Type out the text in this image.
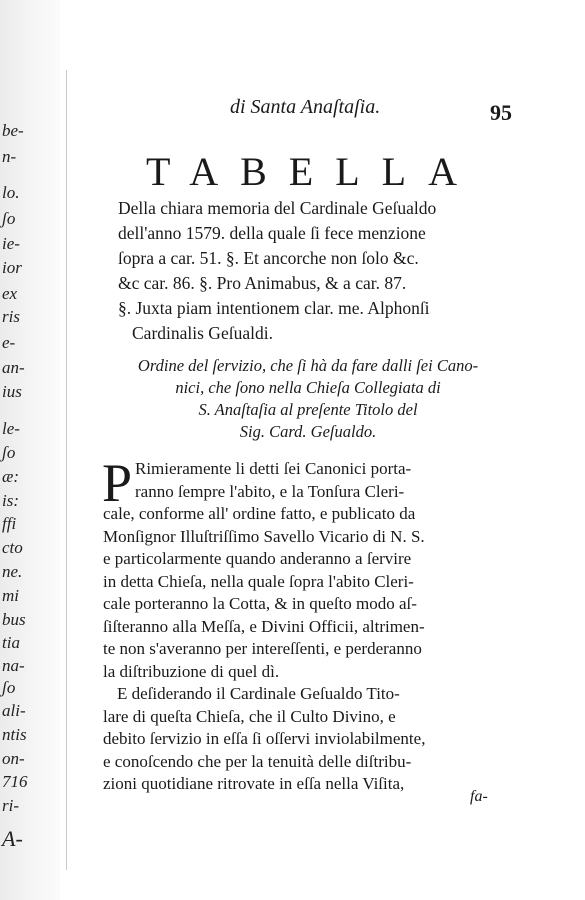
be-
n-
lo.
ʃo
ie-
ior
ex
ris
e-
an-
ius
le-
ʃo
æ:
is:
ffi
cto
ne.
mi
bus
tia
na-
ʃo
ali-
ntis
on-
716
ri-
A-
di Santa Anaſtaſia.	95
TABELLA
Della chiara memoria del Cardinale Geſualdo
dell'anno 1579. della quale ſi fece menzione
ſopra a car. 51. §. Et ancorche non ſolo &c.
&c car. 86. §. Pro Animabus, & a car. 87.
§. Juxta piam intentionem clar. me. Alphonſi
Cardinalis Geſualdi.
Ordine del ſervizio, che ſi hà da fare dalli ſei Cano-
nici, che ſono nella Chieſa Collegiata di
S. Anaſtaſia al preſente Titolo del
Sig. Card. Geſualdo.
P Rimieramente li detti ſei Canonici porta-
ranno ſempre l'abito, e la Tonſura Cleri-
cale, conforme all' ordine fatto, e publicato da
Monſignor Illuſtriſſimo Savello Vicario di N. S.
e particolarmente quando anderanno a ſervire
in detta Chieſa, nella quale ſopra l'abito Cleri-
cale porteranno la Cotta, & in queſto modo aſ-
ſiſteranno alla Meſſa, e Divini Officii, altrimen-
te non s'averanno per intereſſenti, e perderanno
la diſtribuzione di quel dì.
E deſiderando il Cardinale Geſualdo Tito-
lare di queſta Chieſa, che il Culto Divino, e
debito ſervizio in eſſa ſi oſſervi inviolabilmente,
e conoſcendo che per la tenuità delle diſtribu-
zioni quotidiane ritrovate in eſſa nella Viſita,
fa-
